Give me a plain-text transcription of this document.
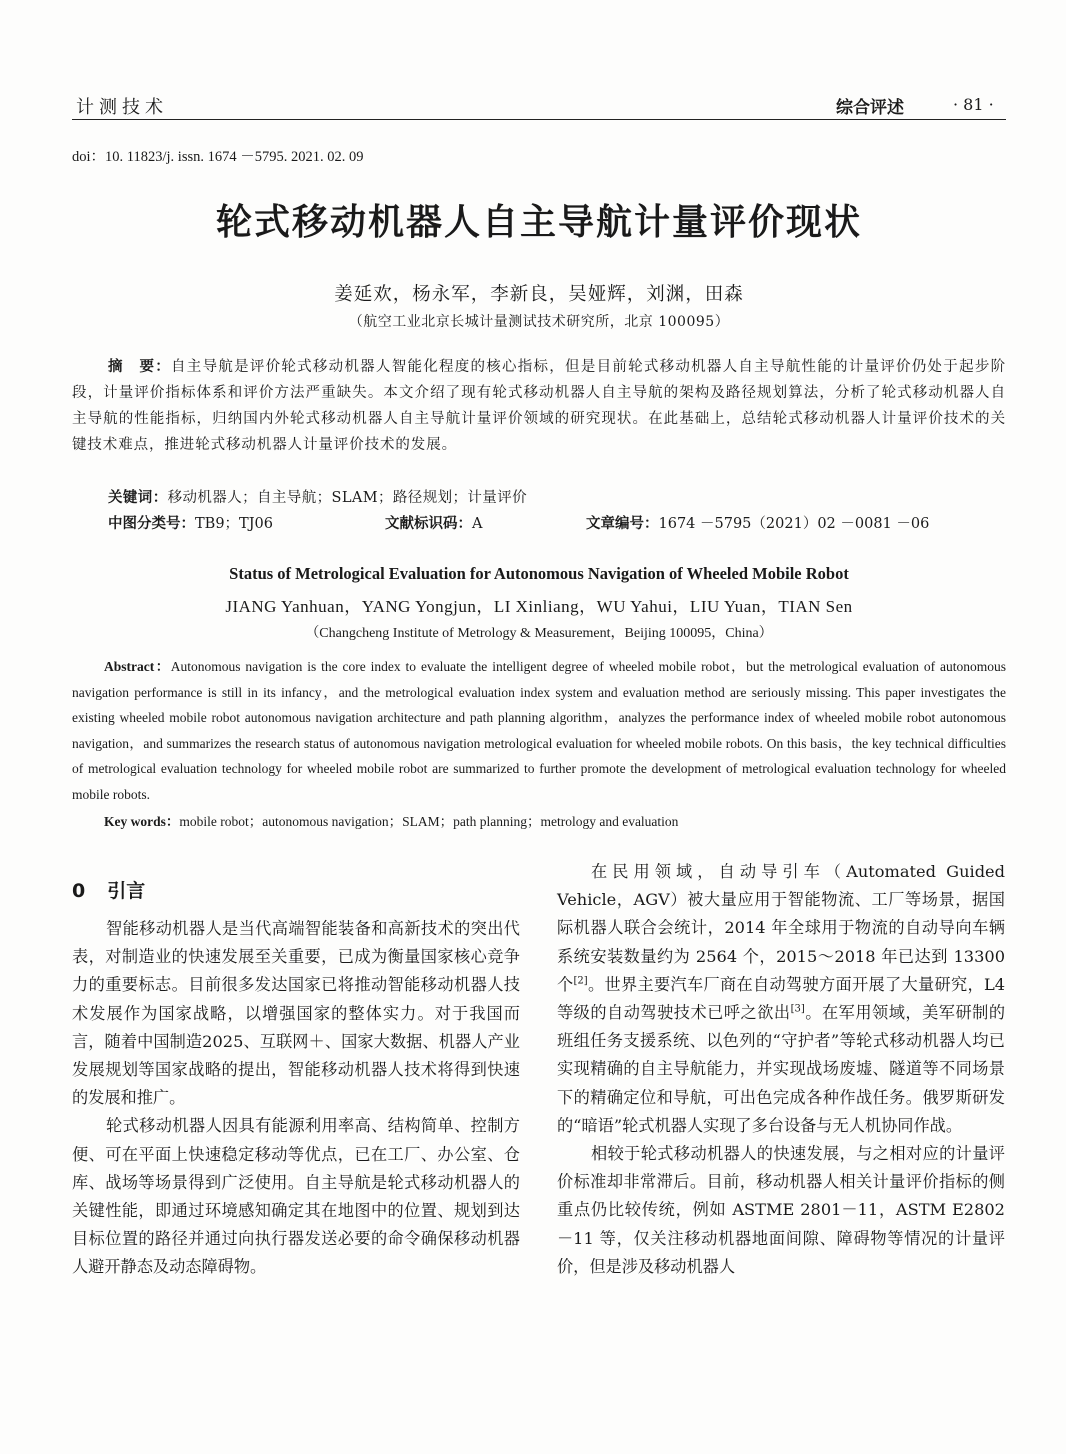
计测技术	综合评述	· 81 ·
doi：10. 11823/j. issn. 1674 －5795. 2021. 02. 09
轮式移动机器人自主导航计量评价现状
姜延欢，杨永军，李新良，吴娅辉，刘渊，田森
（航空工业北京长城计量测试技术研究所，北京 100095）

摘　要：自主导航是评价轮式移动机器人智能化程度的核心指标，但是目前轮式移动机器人自主导航性能的计量评价仍处于起步阶段，计量评价指标体系和评价方法严重缺失。本文介绍了现有轮式移动机器人自主导航的架构及路径规划算法，分析了轮式移动机器人自主导航的性能指标，归纳国内外轮式移动机器人自主导航计量评价领域的研究现状。在此基础上，总结轮式移动机器人计量评价技术的关键技术难点，推进轮式移动机器人计量评价技术的发展。

关键词：移动机器人；自主导航；SLAM；路径规划；计量评价
中图分类号：TB9；TJ06	文献标识码：A	文章编号：1674 －5795（2021）02 －0081 －06
Status of Metrological Evaluation for Autonomous Navigation of Wheeled Mobile Robot
JIANG Yanhuan，YANG Yongjun，LI Xinliang，WU Yahui，LIU Yuan，TIAN Sen
（Changcheng Institute of Metrology & Measurement，Beijing 100095，China）

Abstract：Autonomous navigation is the core index to evaluate the intelligent degree of wheeled mobile robot，but the metrological evaluation of autonomous navigation performance is still in its infancy，and the metrological evaluation index system and evaluation method are seriously missing. This paper investigates the existing wheeled mobile robot autonomous navigation architecture and path planning algorithm，analyzes the performance index of wheeled mobile robot autonomous navigation，and summarizes the research status of autonomous navigation metrological evaluation for wheeled mobile robots. On this basis，the key technical difficulties of metrological evaluation technology for wheeled mobile robot are summarized to further promote the development of metrological evaluation technology for wheeled mobile robots.

Key words：mobile robot；autonomous navigation；SLAM；path planning；metrology and evaluation
0 引言

智能移动机器人是当代高端智能装备和高新技术的突出代表，对制造业的快速发展至关重要，已成为衡量国家核心竞争力的重要标志。目前很多发达国家已将推动智能移动机器人技术发展作为国家战略，以增强国家的整体实力。对于我国而言，随着中国制造2025、互联网＋、国家大数据、机器人产业发展规划等国家战略的提出，智能移动机器人技术将得到快速的发展和推广。

轮式移动机器人因具有能源利用率高、结构简单、控制方便、可在平面上快速稳定移动等优点，已在工厂、办公室、仓库、战场等场景得到广泛使用。自主导航是轮式移动机器人的关键性能，即通过环境感知确定其在地图中的位置、规划到达目标位置的路径并通过向执行器发送必要的命令确保移动机器人避开静态及动态障碍物。

在民用领域，自动导引车（Automated Guided Vehicle，AGV）被大量应用于智能物流、工厂等场景，据国际机器人联合会统计，2014 年全球用于物流的自动导向车辆系统安装数量约为 2564 个，2015～2018 年已达到 13300 个[2]。世界主要汽车厂商在自动驾驶方面开展了大量研究，L4 等级的自动驾驶技术已呼之欲出[3]。在军用领域，美军研制的班组任务支援系统、以色列的“守护者”等轮式移动机器人均已实现精确的自主导航能力，并实现战场废墟、隧道等不同场景下的精确定位和导航，可出色完成各种作战任务。俄罗斯研发的“暗语”轮式机器人实现了多台设备与无人机协同作战。

相较于轮式移动机器人的快速发展，与之相对应的计量评价标准却非常滞后。目前，移动机器人相关计量评价指标的侧重点仍比较传统，例如 ASTME 2801－11，ASTM E2802－11 等，仅关注移动机器地面间隙、障碍物等情况的计量评价，但是涉及移动机器人
